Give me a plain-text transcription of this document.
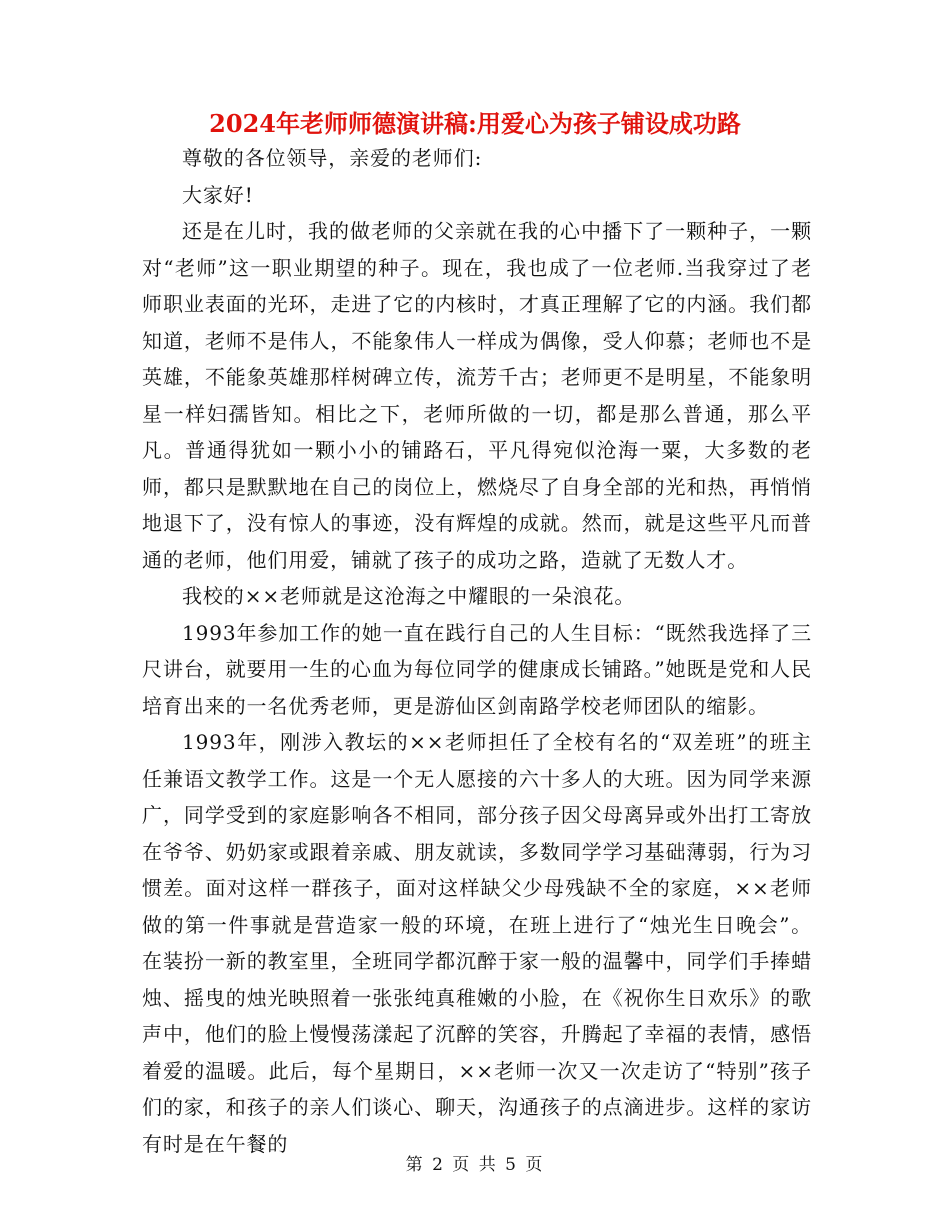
2024年老师师德演讲稿:用爱心为孩子铺设成功路

尊敬的各位领导，亲爱的老师们:

大家好!

还是在儿时，我的做老师的父亲就在我的心中播下了一颗种子，一颗对“老师”这一职业期望的种子。现在，我也成了一位老师.当我穿过了老师职业表面的光环，走进了它的内核时，才真正理解了它的内涵。我们都知道，老师不是伟人，不能象伟人一样成为偶像，受人仰慕；老师也不是英雄，不能象英雄那样树碑立传，流芳千古；老师更不是明星，不能象明星一样妇孺皆知。相比之下，老师所做的一切，都是那么普通，那么平凡。普通得犹如一颗小小的铺路石，平凡得宛似沧海一粟，大多数的老师，都只是默默地在自己的岗位上，燃烧尽了自身全部的光和热，再悄悄地退下了，没有惊人的事迹，没有辉煌的成就。然而，就是这些平凡而普通的老师，他们用爱，铺就了孩子的成功之路，造就了无数人才。

我校的××老师就是这沧海之中耀眼的一朵浪花。

1993年参加工作的她一直在践行自己的人生目标：“既然我选择了三尺讲台，就要用一生的心血为每位同学的健康成长铺路。”她既是党和人民培育出来的一名优秀老师，更是游仙区剑南路学校老师团队的缩影。

1993年，刚涉入教坛的××老师担任了全校有名的“双差班”的班主任兼语文教学工作。这是一个无人愿接的六十多人的大班。因为同学来源广，同学受到的家庭影响各不相同，部分孩子因父母离异或外出打工寄放在爷爷、奶奶家或跟着亲戚、朋友就读，多数同学学习基础薄弱，行为习惯差。面对这样一群孩子，面对这样缺父少母残缺不全的家庭，××老师做的第一件事就是营造家一般的环境，在班上进行了“烛光生日晚会”。在装扮一新的教室里，全班同学都沉醉于家一般的温馨中，同学们手捧蜡烛、摇曳的烛光映照着一张张纯真稚嫩的小脸，在《祝你生日欢乐》的歌声中，他们的脸上慢慢荡漾起了沉醉的笑容，升腾起了幸福的表情，感悟着爱的温暖。此后，每个星期日，××老师一次又一次走访了“特别”孩子们的家，和孩子的亲人们谈心、聊天，沟通孩子的点滴进步。这样的家访有时是在午餐的

第 2 页 共 5 页
